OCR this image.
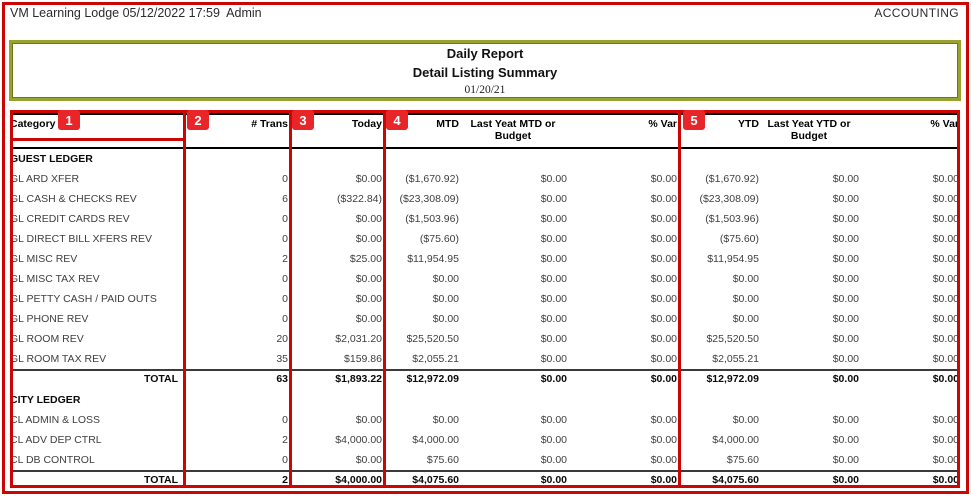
VM Learning Lodge 05/12/2022 17:59  Admin	ACCOUNTING
Daily Report
Detail Listing Summary
01/20/21
Category	# Trans	Today	MTD	Last Yeat MTD or Budget	% Var	YTD	Last Yeat YTD or Budget	% Var
GUEST LEDGER								
GL ARD XFER	0	$0.00	($1,670.92)	$0.00	$0.00	($1,670.92)	$0.00	$0.00
GL CASH & CHECKS REV	6	($322.84)	($23,308.09)	$0.00	$0.00	($23,308.09)	$0.00	$0.00
GL CREDIT CARDS REV	0	$0.00	($1,503.96)	$0.00	$0.00	($1,503.96)	$0.00	$0.00
GL DIRECT BILL XFERS REV	0	$0.00	($75.60)	$0.00	$0.00	($75.60)	$0.00	$0.00
GL MISC REV	2	$25.00	$11,954.95	$0.00	$0.00	$11,954.95	$0.00	$0.00
GL MISC TAX REV	0	$0.00	$0.00	$0.00	$0.00	$0.00	$0.00	$0.00
GL PETTY CASH / PAID OUTS	0	$0.00	$0.00	$0.00	$0.00	$0.00	$0.00	$0.00
GL PHONE REV	0	$0.00	$0.00	$0.00	$0.00	$0.00	$0.00	$0.00
GL ROOM REV	20	$2,031.20	$25,520.50	$0.00	$0.00	$25,520.50	$0.00	$0.00
GL ROOM TAX REV	35	$159.86	$2,055.21	$0.00	$0.00	$2,055.21	$0.00	$0.00
TOTAL	63	$1,893.22	$12,972.09	$0.00	$0.00	$12,972.09	$0.00	$0.00

CITY LEDGER								
CL ADMIN & LOSS	0	$0.00	$0.00	$0.00	$0.00	$0.00	$0.00	$0.00
CL ADV DEP CTRL	2	$4,000.00	$4,000.00	$0.00	$0.00	$4,000.00	$0.00	$0.00
CL DB CONTROL	0	$0.00	$75.60	$0.00	$0.00	$75.60	$0.00	$0.00
TOTAL	2	$4,000.00	$4,075.60	$0.00	$0.00	$4,075.60	$0.00	$0.00
1	2	3	4	5
